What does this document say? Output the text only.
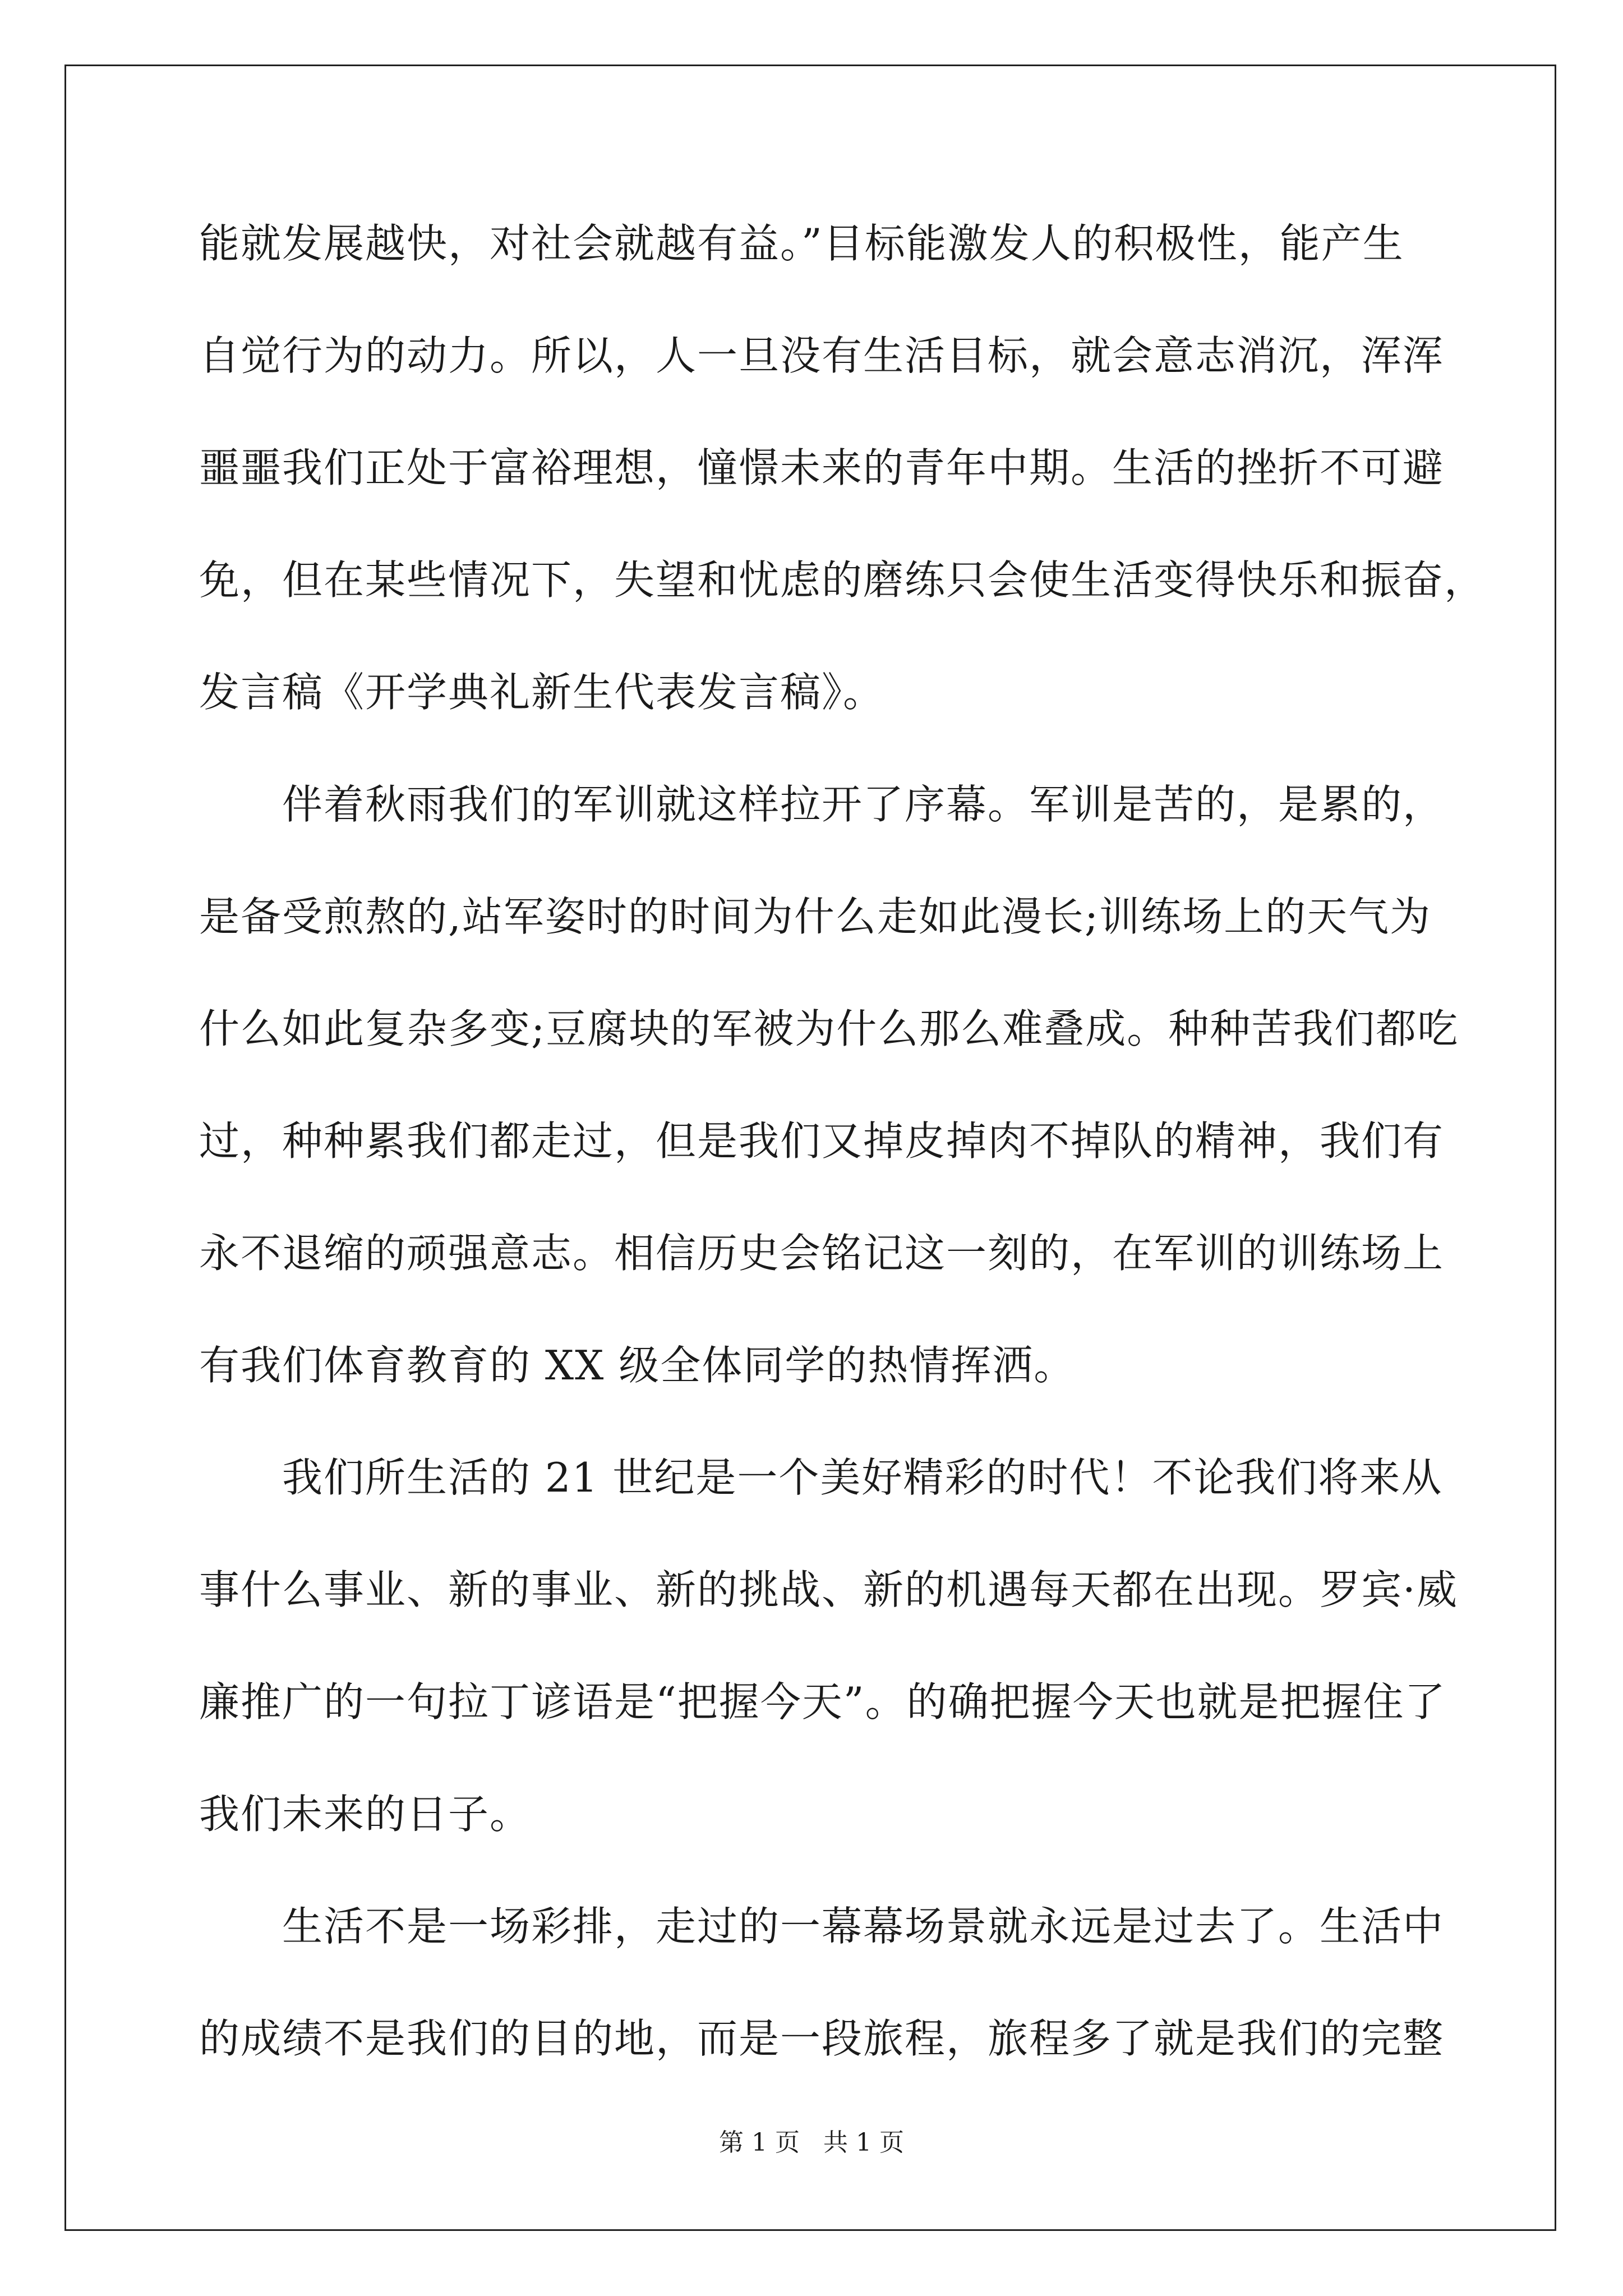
能就发展越快，对社会就越有益。”目标能激发人的积极性，能产生
自觉行为的动力。所以，人一旦没有生活目标，就会意志消沉，浑浑
噩噩我们正处于富裕理想，憧憬未来的青年中期。生活的挫折不可避
免，但在某些情况下，失望和忧虑的磨练只会使生活变得快乐和振奋，
发言稿《开学典礼新生代表发言稿》。
　　伴着秋雨我们的军训就这样拉开了序幕。军训是苦的，是累的，
是备受煎熬的,站军姿时的时间为什么走如此漫长;训练场上的天气为
什么如此复杂多变;豆腐块的军被为什么那么难叠成。种种苦我们都吃
过，种种累我们都走过，但是我们又掉皮掉肉不掉队的精神，我们有
永不退缩的顽强意志。相信历史会铭记这一刻的，在军训的训练场上
有我们体育教育的 XX 级全体同学的热情挥洒。
　　我们所生活的 21 世纪是一个美好精彩的时代！不论我们将来从
事什么事业、新的事业、新的挑战、新的机遇每天都在出现。罗宾·威
廉推广的一句拉丁谚语是“把握今天”。的确把握今天也就是把握住了
我们未来的日子。
　　生活不是一场彩排，走过的一幕幕场景就永远是过去了。生活中
的成绩不是我们的目的地，而是一段旅程，旅程多了就是我们的完整
第 1 页   共 1 页
